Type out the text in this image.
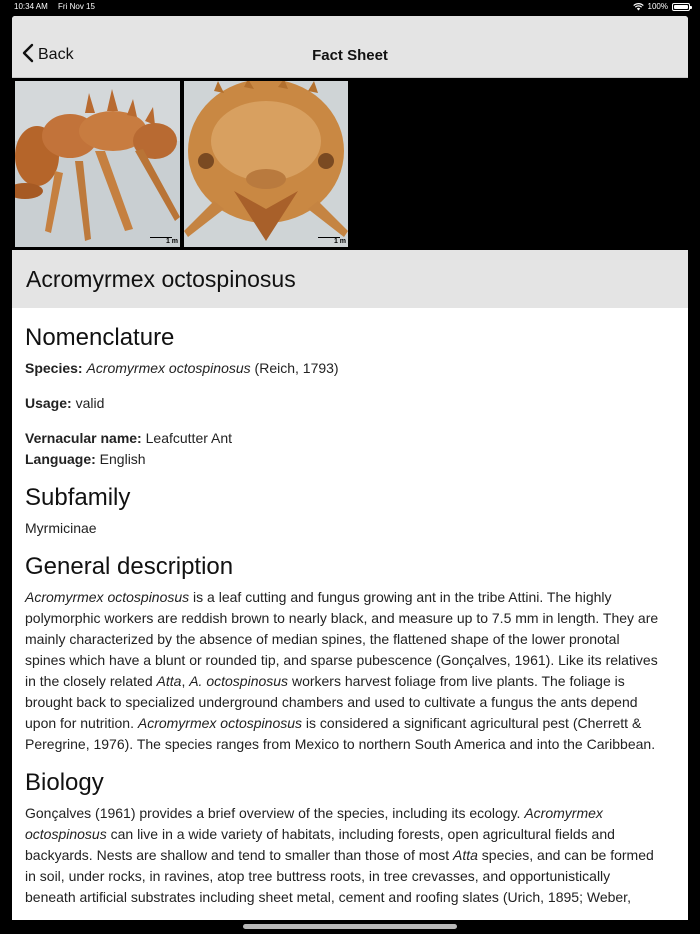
10:34 AM Fri Nov 15	100%
Back	Fact Sheet
1 m	1 m
Acromyrmex octospinosus
Nomenclature

Species: Acromyrmex octospinosus (Reich, 1793)

Usage: valid

Vernacular name: Leafcutter Ant

Language: English

Subfamily

Myrmicinae

General description
Acromyrmex octospinosus is a leaf cutting and fungus growing ant in the tribe Attini. The highly
polymorphic workers are reddish brown to nearly black, and measure up to 7.5 mm in length. They are
mainly characterized by the absence of median spines, the flattened shape of the lower pronotal
spines which have a blunt or rounded tip, and sparse pubescence (Gonçalves, 1961). Like its relatives
in the closely related Atta, A. octospinosus workers harvest foliage from live plants. The foliage is
brought back to specialized underground chambers and used to cultivate a fungus the ants depend
upon for nutrition. Acromyrmex octospinosus is considered a significant agricultural pest (Cherrett &
Peregrine, 1976). The species ranges from Mexico to northern South America and into the Caribbean.
Biology
Gonçalves (1961) provides a brief overview of the species, including its ecology. Acromyrmex
octospinosus can live in a wide variety of habitats, including forests, open agricultural fields and
backyards. Nests are shallow and tend to smaller than those of most Atta species, and can be formed
in soil, under rocks, in ravines, atop tree buttress roots, in tree crevasses, and opportunistically
beneath artificial substrates including sheet metal, cement and roofing slates (Urich, 1895; Weber,
